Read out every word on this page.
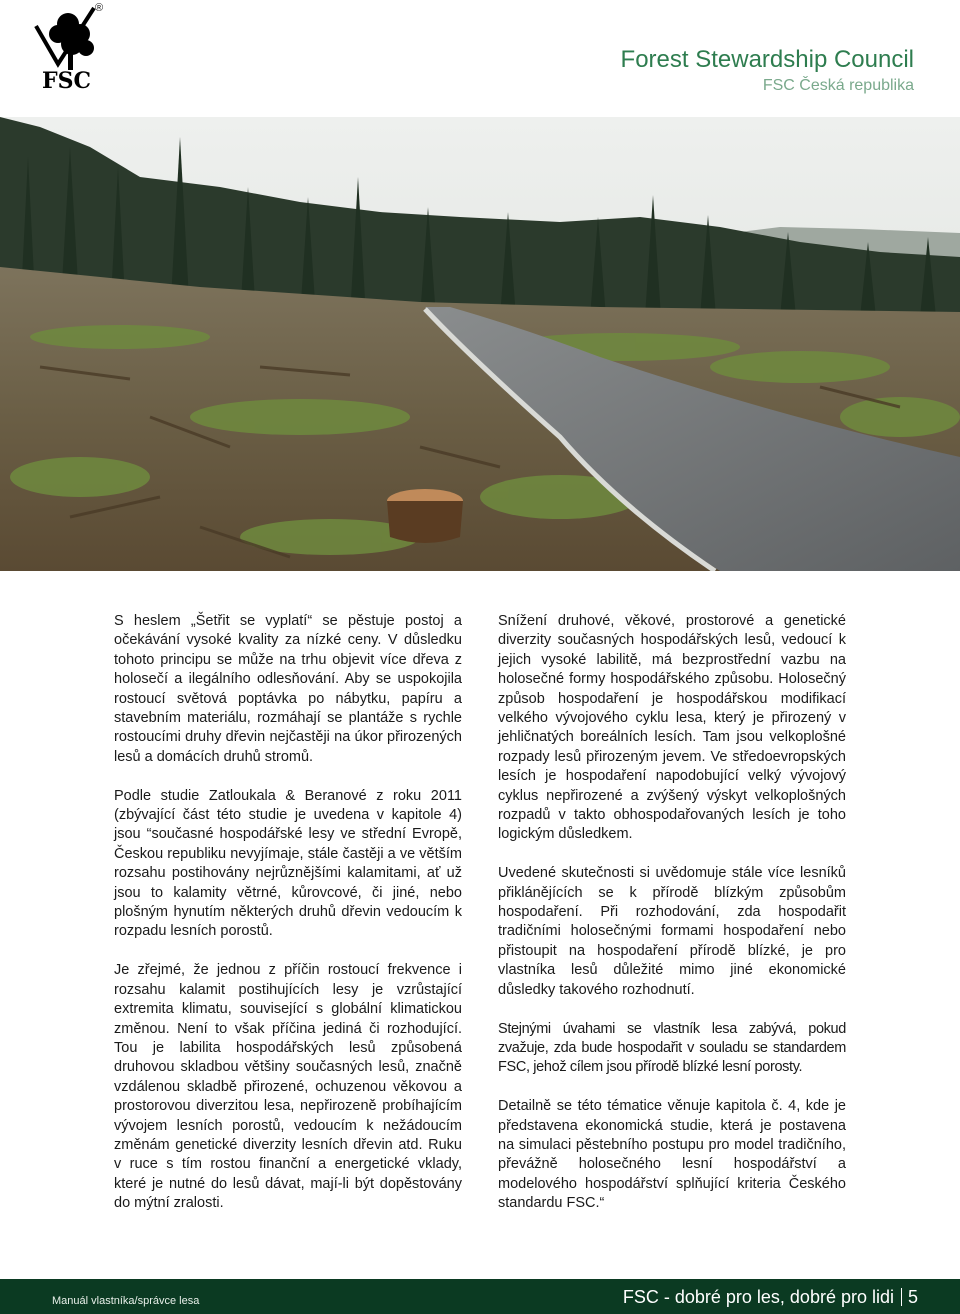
FSC
®
Forest Stewardship Council
FSC Česká republika

S heslem „Šetřit se vyplatí“ se pěstuje postoj a očekávání vysoké kvality za nízké ceny. V důsledku tohoto principu se může na trhu objevit více dřeva z holosečí a ilegálního odlesňování. Aby se uspokojila rostoucí světová poptávka po nábytku, papíru a stavebním materiálu, rozmáhají se plantáže s rychle rostoucími druhy dřevin nejčastěji na úkor přirozených lesů a domácích druhů stromů.

Podle studie Zatloukala & Beranové z roku 2011 (zbývající část této studie je uvedena v kapitole 4) jsou “současné hospodářské lesy ve střední Evropě, Českou republiku nevyjímaje, stále častěji a ve větším rozsahu postihovány nejrůznějšími kalamitami, ať už jsou to kalamity větrné, kůrovcové, či jiné, nebo plošným hynutím některých druhů dřevin vedoucím k rozpadu lesních porostů.

Je zřejmé, že jednou z příčin rostoucí frekvence i rozsahu kalamit postihujících lesy je vzrůstající extremita klimatu, související s globální klimatickou změnou. Není to však příčina jediná či rozhodující. Tou je labilita hospodářských lesů způsobená druhovou skladbou většiny současných lesů, značně vzdálenou skladbě přirozené, ochuzenou věkovou a prostorovou diverzitou lesa, nepřirozeně probíhajícím vývojem lesních porostů, vedoucím k nežádoucím změnám genetické diverzity lesních dřevin atd. Ruku v ruce s tím rostou finanční a energetické vklady, které je nutné do lesů dávat, mají-li být dopěstovány do mýtní zralosti.

Snížení druhové, věkové, prostorové a genetické diverzity současných hospodářských lesů, vedoucí k jejich vysoké labilitě, má bezprostřední vazbu na holosečné formy hospodářského způsobu. Holosečný způsob hospodaření je hospodářskou modifikací velkého vývojového cyklu lesa, který je přirozený v jehličnatých boreálních lesích. Tam jsou velkoplošné rozpady lesů přirozeným jevem. Ve středoevropských lesích je hospodaření napodobující velký vývojový cyklus nepřirozené a zvýšený výskyt velkoplošných rozpadů v takto obhospodařovaných lesích je toho logickým důsledkem.

Uvedené skutečnosti si uvědomuje stále více lesníků přiklánějících se k přírodě blízkým způsobům hospodaření. Při rozhodování, zda hospodařit tradičními holosečnými formami hospodaření nebo přistoupit na hospodaření přírodě blízké, je pro vlastníka lesů důležité mimo jiné ekonomické důsledky takového rozhodnutí.

Stejnými úvahami se vlastník lesa zabývá, pokud zvažuje, zda bude hospodařit v souladu se standardem FSC, jehož cílem jsou přírodě blízké lesní porosty.

Detailně se této tématice věnuje kapitola č. 4, kde je představena ekonomická studie, která je postavena na simulaci pěstebního postupu pro model tradičního, převážně holosečného lesní hospodářství a modelového hospodářství splňující kriteria Českého standardu FSC.“

Manuál vlastníka/správce lesa	FSC - dobré pro les, dobré pro lidi 5
